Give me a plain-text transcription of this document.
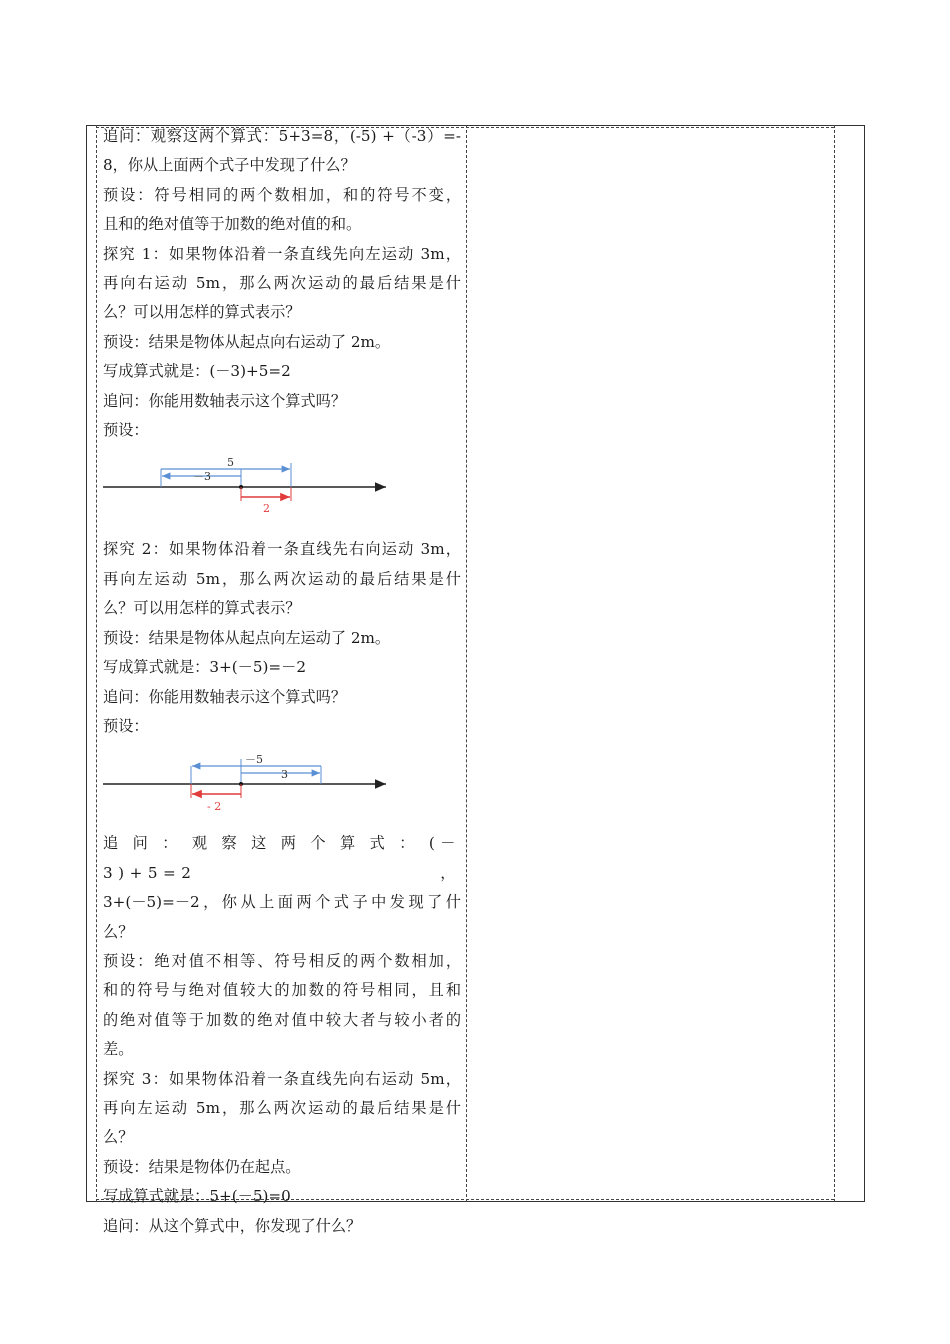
追问：观察这两个算式：5+3=8，(-5) +（-3）=-

8，你从上面两个式子中发现了什么？

预设：符号相同的两个数相加，和的符号不变，

且和的绝对值等于加数的绝对值的和。

探究 1：如果物体沿着一条直线先向左运动 3m，

再向右运动 5m，那么两次运动的最后结果是什

么？可以用怎样的算式表示？

预设：结果是物体从起点向右运动了 2m。

写成算式就是：(－3)+5=2

追问：你能用数轴表示这个算式吗？

预设：

5
－3
2

探究 2：如果物体沿着一条直线先右向运动 3m，

再向左运动 5m，那么两次运动的最后结果是什

么？可以用怎样的算式表示？

预设：结果是物体从起点向左运动了 2m。

写成算式就是：3+(－5)=－2

追问：你能用数轴表示这个算式吗？

预设：

－5
3
- 2

追问：观察这两个算式：(－3)+5=2，

3+(－5)=－2，你从上面两个式子中发现了什

么？

预设：绝对值不相等、符号相反的两个数相加，

和的符号与绝对值较大的加数的符号相同，且和

的绝对值等于加数的绝对值中较大者与较小者的

差。

探究 3：如果物体沿着一条直线先向右运动 5m，

再向左运动 5m，那么两次运动的最后结果是什

么？

预设：结果是物体仍在起点。

写成算式就是：5+(－5)=0

追问：从这个算式中，你发现了什么？
